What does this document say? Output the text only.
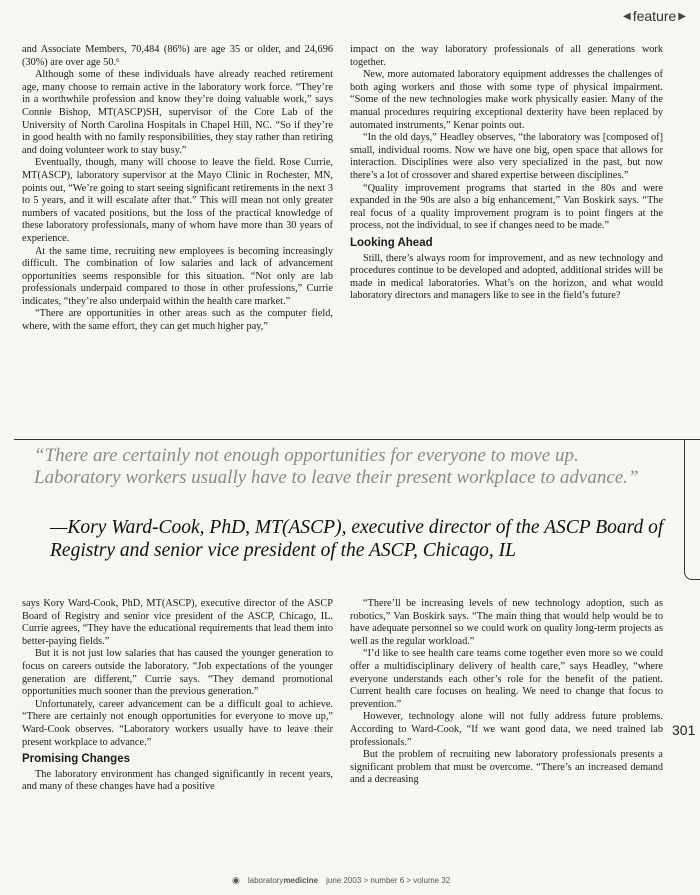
◀ feature ▶

and Associate Members, 70,484 (86%) are age 35 or older, and 24,696 (30%) are over age 50.⁶

Although some of these individuals have already reached retirement age, many choose to remain active in the laboratory work force. “They’re in a worthwhile profession and know they’re doing valuable work,” says Connie Bishop, MT(ASCP)SH, supervisor of the Core Lab of the University of North Carolina Hospitals in Chapel Hill, NC. “So if they’re in good health with no family responsibilities, they stay rather than retiring and doing volunteer work to stay busy.”

Eventually, though, many will choose to leave the field. Rose Currie, MT(ASCP), laboratory supervisor at the Mayo Clinic in Rochester, MN, points out, “We’re going to start seeing significant retirements in the next 3 to 5 years, and it will escalate after that.” This will mean not only greater numbers of vacated positions, but the loss of the practical knowledge of these laboratory professionals, many of whom have more than 30 years of experience.

At the same time, recruiting new employees is becoming increasingly difficult. The combination of low salaries and lack of advancement opportunities seems responsible for this situation. “Not only are lab professionals underpaid compared to those in other professions,” Currie indicates, “they’re also underpaid within the health care market.”

“There are opportunities in other areas such as the computer field, where, with the same effort, they can get much higher pay,”

impact on the way laboratory professionals of all generations work together.

New, more automated laboratory equipment addresses the challenges of both aging workers and those with some type of physical impairment. “Some of the new technologies make work physically easier. Many of the manual procedures requiring exceptional dexterity have been replaced by automated instruments,” Kenar points out.

“In the old days,” Headley observes, “the laboratory was [composed of] small, individual rooms. Now we have one big, open space that allows for interaction. Disciplines were also very specialized in the past, but now there’s a lot of crossover and shared expertise between disciplines.”

“Quality improvement programs that started in the 80s and were expanded in the 90s are also a big enhancement,” Van Boskirk says. “The real focus of a quality improvement program is to point fingers at the process, not the individual, to see if changes need to be made.”

Looking Ahead

Still, there’s always room for improvement, and as new technology and procedures continue to be developed and adopted, additional strides will be made in medical laboratories. What’s on the horizon, and what would laboratory directors and managers like to see in the field’s future?

“There are certainly not enough opportunities for everyone to move up. Laboratory workers usually have to leave their present workplace to advance.”

—Kory Ward-Cook, PhD, MT(ASCP), executive director of the ASCP Board of Registry and senior vice president of the ASCP, Chicago, IL

says Kory Ward-Cook, PhD, MT(ASCP), executive director of the ASCP Board of Registry and senior vice president of the ASCP, Chicago, IL. Currie agrees, “They have the educational requirements that lead them into better-paying fields.”

But it is not just low salaries that has caused the younger generation to focus on careers outside the laboratory. “Job expectations of the younger generation are different,” Currie says. “They demand promotional opportunities much sooner than the previous generation.”

Unfortunately, career advancement can be a difficult goal to achieve. “There are certainly not enough opportunities for everyone to move up,” Ward-Cook observes. “Laboratory workers usually have to leave their present workplace to advance.”

Promising Changes

The laboratory environment has changed significantly in recent years, and many of these changes have had a positive

“There’ll be increasing levels of new technology adoption, such as robotics,” Van Boskirk says. “The main thing that would help would be to have adequate personnel so we could work on quality long-term projects as well as the regular workload.”

“I’d like to see health care teams come together even more so we could offer a multidisciplinary delivery of health care,” says Headley, “where everyone understands each other’s role for the benefit of the patient. Current health care focuses on healing. We need to change that focus to prevention.”

However, technology alone will not fully address future problems. According to Ward-Cook, “If we want good data, we need trained lab professionals.”

But the problem of recruiting new laboratory professionals presents a significant problem that must be overcome. “There’s an increased demand and a decreasing

301
◉ laboratorymedicine june 2003 > number 6 > volume 32
